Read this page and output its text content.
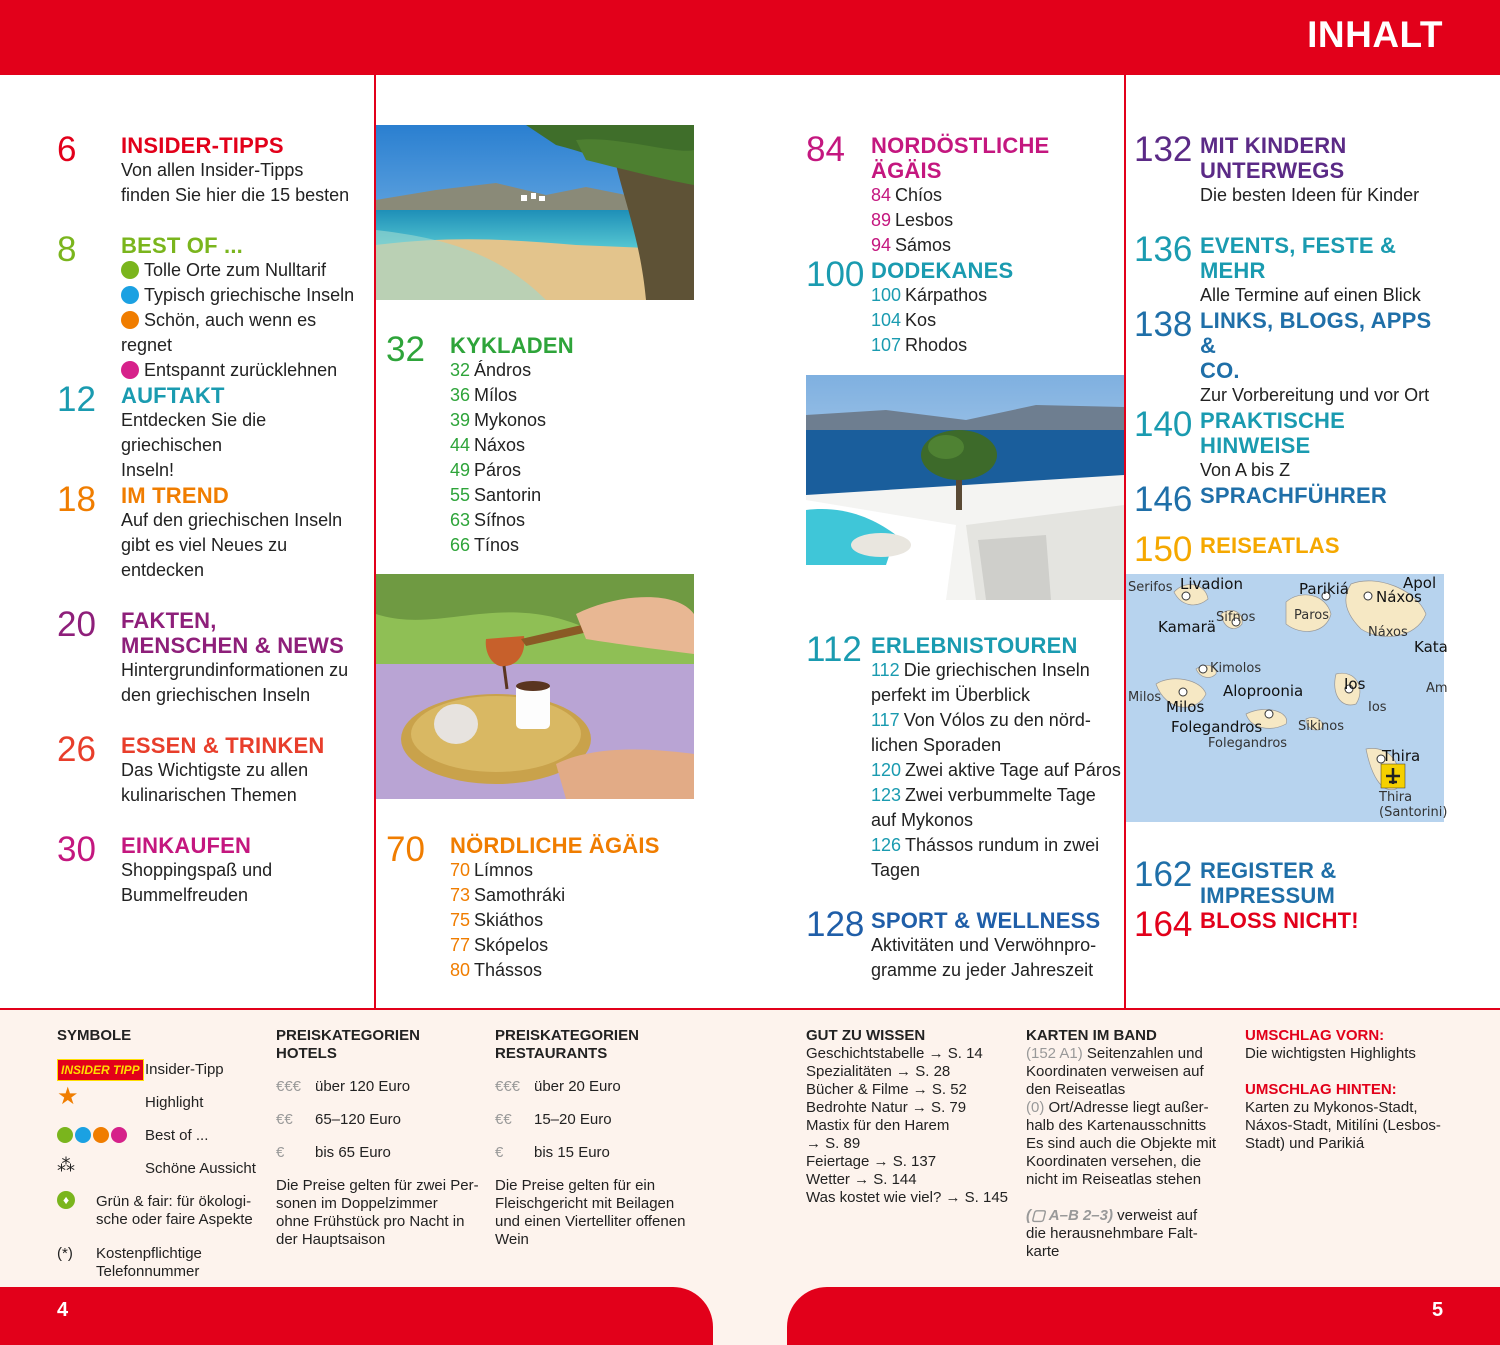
INHALT
6 INSIDER-TIPPS
Von allen Insider-Tipps
finden Sie hier die 15 besten
8 BEST OF ...
Tolle Orte zum Nulltarif
Typisch griechische Inseln
Schön, auch wenn es regnet
Entspannt zurücklehnen
12 AUFTAKT
Entdecken Sie die griechischen
Inseln!
18 IM TREND
Auf den griechischen Inseln
gibt es viel Neues zu entdecken
20 FAKTEN,
MENSCHEN & NEWS
Hintergrundinformationen zu
den griechischen Inseln
26 ESSEN & TRINKEN
Das Wichtigste zu allen
kulinarischen Themen
30 EINKAUFEN
Shoppingspaß und
Bummelfreuden
Serifos Livadion	Parikiá	Apol
Sifnos	Paros
Náxos
Kamarä	Náxos
Kata
Kimolos
Milos	Aloproonia	Ios	Am
Milos	Ios
Folegandros	Sikinos
Folegandros
Thira
Thira
(Santorini)
32 KYKLADEN
32 Ándros
36 Mílos
39 Mykonos
44 Náxos
49 Páros
55 Santorin
63 Sífnos
66 Tínos
70 NÖRDLICHE ÄGÄIS
70 Límnos
73 Samothráki
75 Skiáthos
77 Skópelos
80 Thássos
84 NORDÖSTLICHE ÄGÄIS
84 Chíos
89 Lesbos
94 Sámos
100 DODEKANES
100 Kárpathos
104 Kos
107 Rhodos
112 ERLEBNISTOUREN
112 Die griechischen Inseln
perfekt im Überblick
117 Von Vólos zu den nörd-
lichen Sporaden
120 Zwei aktive Tage auf Páros
123 Zwei verbummelte Tage
auf Mykonos
126 Thássos rundum in zwei
Tagen
128 SPORT & WELLNESS
Aktivitäten und Verwöhnpro-
gramme zu jeder Jahreszeit
132 MIT KINDERN
UNTERWEGS
Die besten Ideen für Kinder
136 EVENTS, FESTE & MEHR
Alle Termine auf einen Blick
138 LINKS, BLOGS, APPS &
CO.
Zur Vorbereitung und vor Ort
140 PRAKTISCHE HINWEISE
Von A bis Z
146 SPRACHFÜHRER
150 REISEATLAS
162 REGISTER & IMPRESSUM
164 BLOSS NICHT!
SYMBOLE
INSIDER TIPP Insider-Tipp
★	Highlight
Best of ...
⁂	Schöne Aussicht
♦	Grün & fair: für ökologi-
sche oder faire Aspekte
(*) Kostenpflichtige
Telefonnummer
PREISKATEGORIEN
HOTELS
€€€ über 120 Euro
€€ 65–120 Euro
€ bis 65 Euro
Die Preise gelten für zwei Per-
sonen im Doppelzimmer
ohne Frühstück pro Nacht in
der Hauptsaison
PREISKATEGORIEN
RESTAURANTS
€€€ über 20 Euro
€€ 15–20 Euro
€ bis 15 Euro
Die Preise gelten für ein
Fleischgericht mit Beilagen
und einen Viertelliter offenen
Wein
GUT ZU WISSEN
Geschichtstabelle → S. 14
Spezialitäten → S. 28
Bücher & Filme → S. 52
Bedrohte Natur → S. 79
Mastix für den Harem
→ S. 89
Feiertage → S. 137
Wetter → S. 144
Was kostet wie viel? → S. 145
KARTEN IM BAND
(152 A1) Seitenzahlen und
Koordinaten verweisen auf
den Reiseatlas
(0) Ort/Adresse liegt außer-
halb des Kartenausschnitts
Es sind auch die Objekte mit
Koordinaten versehen, die
nicht im Reiseatlas stehen
(▢ A–B 2–3) verweist auf
die herausnehmbare Falt-
karte
UMSCHLAG VORN:
Die wichtigsten Highlights
UMSCHLAG HINTEN:
Karten zu Mykonos-Stadt,
Náxos-Stadt, Mitilíni (Lesbos-
Stadt) und Parikiá
4	5
